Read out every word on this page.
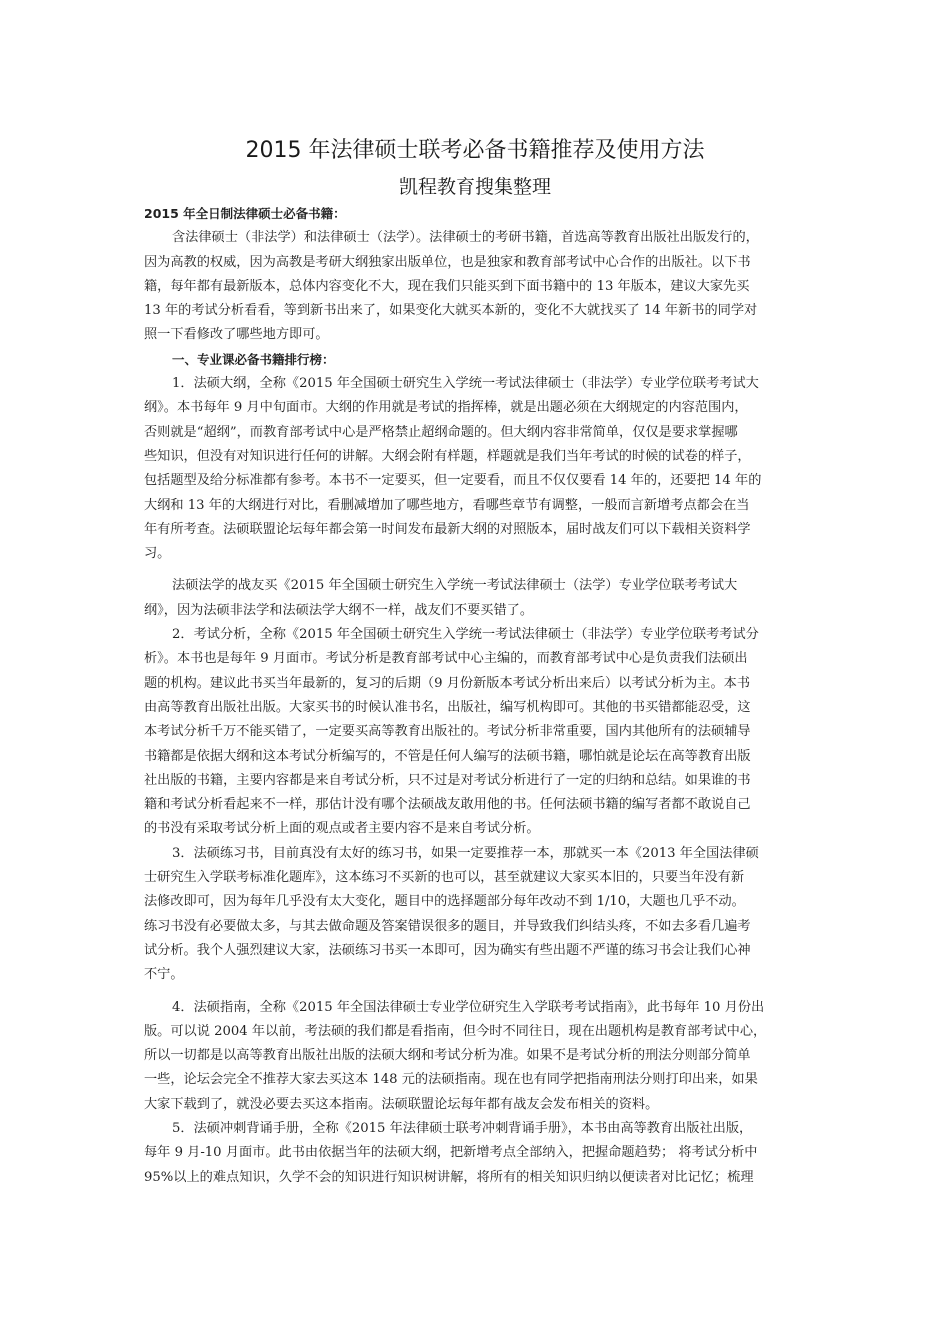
2015 年法律硕士联考必备书籍推荐及使用方法
凯程教育搜集整理
2015 年全日制法律硕士必备书籍：
含法律硕士（非法学）和法律硕士（法学）。法律硕士的考研书籍，首选高等教育出版社出版发行的，
因为高教的权威，因为高教是考研大纲独家出版单位，也是独家和教育部考试中心合作的出版社。以下书
籍，每年都有最新版本，总体内容变化不大，现在我们只能买到下面书籍中的 13 年版本，建议大家先买
13 年的考试分析看看，等到新书出来了，如果变化大就买本新的，变化不大就找买了 14 年新书的同学对
照一下看修改了哪些地方即可。
一、专业课必备书籍排行榜：
1．法硕大纲，全称《2015 年全国硕士研究生入学统一考试法律硕士（非法学）专业学位联考考试大
纲》。本书每年 9 月中旬面市。大纲的作用就是考试的指挥棒，就是出题必须在大纲规定的内容范围内，
否则就是“超纲”，而教育部考试中心是严格禁止超纲命题的。但大纲内容非常简单，仅仅是要求掌握哪
些知识，但没有对知识进行任何的讲解。大纲会附有样题，样题就是我们当年考试的时候的试卷的样子，
包括题型及给分标准都有参考。本书不一定要买，但一定要看，而且不仅仅要看 14 年的，还要把 14 年的
大纲和 13 年的大纲进行对比，看删减增加了哪些地方，看哪些章节有调整，一般而言新增考点都会在当
年有所考查。法硕联盟论坛每年都会第一时间发布最新大纲的对照版本，届时战友们可以下载相关资料学
习。
法硕法学的战友买《2015 年全国硕士研究生入学统一考试法律硕士（法学）专业学位联考考试大
纲》，因为法硕非法学和法硕法学大纲不一样，战友们不要买错了。
2．考试分析，全称《2015 年全国硕士研究生入学统一考试法律硕士（非法学）专业学位联考考试分
析》。本书也是每年 9 月面市。考试分析是教育部考试中心主编的，而教育部考试中心是负责我们法硕出
题的机构。建议此书买当年最新的，复习的后期（9 月份新版本考试分析出来后）以考试分析为主。本书
由高等教育出版社出版。大家买书的时候认准书名，出版社，编写机构即可。其他的书买错都能忍受，这
本考试分析千万不能买错了，一定要买高等教育出版社的。考试分析非常重要，国内其他所有的法硕辅导
书籍都是依据大纲和这本考试分析编写的，不管是任何人编写的法硕书籍，哪怕就是论坛在高等教育出版
社出版的书籍，主要内容都是来自考试分析，只不过是对考试分析进行了一定的归纳和总结。如果谁的书
籍和考试分析看起来不一样，那估计没有哪个法硕战友敢用他的书。任何法硕书籍的编写者都不敢说自己
的书没有采取考试分析上面的观点或者主要内容不是来自考试分析。
3．法硕练习书，目前真没有太好的练习书，如果一定要推荐一本，那就买一本《2013 年全国法律硕
士研究生入学联考标准化题库》，这本练习不买新的也可以，甚至就建议大家买本旧的，只要当年没有新
法修改即可，因为每年几乎没有太大变化，题目中的选择题部分每年改动不到 1/10，大题也几乎不动。
练习书没有必要做太多，与其去做命题及答案错误很多的题目，并导致我们纠结头疼，不如去多看几遍考
试分析。我个人强烈建议大家，法硕练习书买一本即可，因为确实有些出题不严谨的练习书会让我们心神
不宁。
4．法硕指南，全称《2015 年全国法律硕士专业学位研究生入学联考考试指南》，此书每年 10 月份出
版。可以说 2004 年以前，考法硕的我们都是看指南，但今时不同往日，现在出题机构是教育部考试中心，
所以一切都是以高等教育出版社出版的法硕大纲和考试分析为准。如果不是考试分析的刑法分则部分简单
一些，论坛会完全不推荐大家去买这本 148 元的法硕指南。现在也有同学把指南刑法分则打印出来，如果
大家下载到了，就没必要去买这本指南。法硕联盟论坛每年都有战友会发布相关的资料。
5．法硕冲刺背诵手册，全称《2015 年法律硕士联考冲刺背诵手册》，本书由高等教育出版社出版，
每年 9 月-10 月面市。此书由依据当年的法硕大纲，把新增考点全部纳入，把握命题趋势； 将考试分析中
95%以上的难点知识，久学不会的知识进行知识树讲解，将所有的相关知识归纳以便读者对比记忆；梳理
